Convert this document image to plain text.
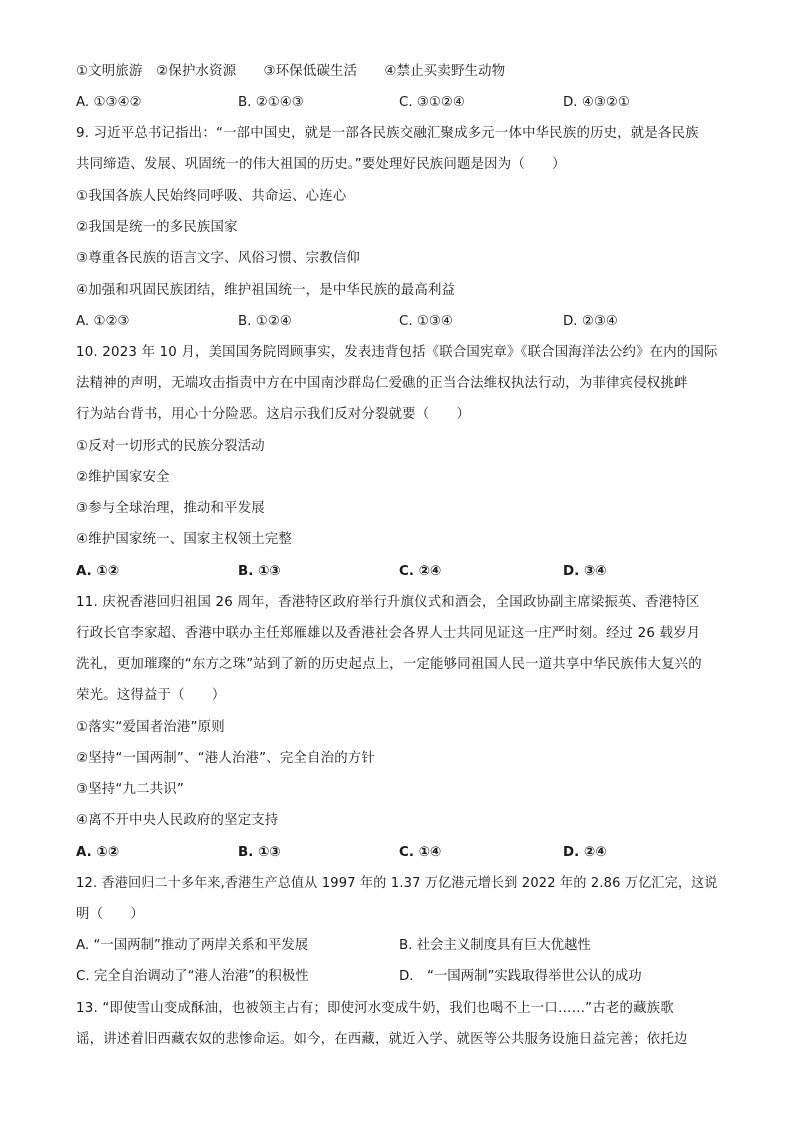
①文明旅游　②保护水资源　　③环保低碳生活　　④禁止买卖野生动物
A. ①③④②	B. ②①④③	C. ③①②④	D. ④③②①
9. 习近平总书记指出：“一部中国史，就是一部各民族交融汇聚成多元一体中华民族的历史，就是各民族
共同缔造、发展、巩固统一的伟大祖国的历史。”要处理好民族问题是因为（　　）
①我国各族人民始终同呼吸、共命运、心连心
②我国是统一的多民族国家
③尊重各民族的语言文字、风俗习惯、宗教信仰
④加强和巩固民族团结，维护祖国统一，是中华民族的最高利益
A. ①②③	B. ①②④	C. ①③④	D. ②③④
10. 2023 年 10 月，美国国务院罔顾事实，发表违背包括《联合国宪章》《联合国海洋法公约》在内的国际
法精神的声明，无端攻击指责中方在中国南沙群岛仁爱礁的正当合法维权执法行动，为菲律宾侵权挑衅
行为站台背书，用心十分险恶。这启示我们反对分裂就要（　　）
①反对一切形式的民族分裂活动
②维护国家安全
③参与全球治理，推动和平发展
④维护国家统一、国家主权领土完整
A. ①②	B. ①③	C. ②④	D. ③④
11. 庆祝香港回归祖国 26 周年，香港特区政府举行升旗仪式和酒会，全国政协副主席梁振英、香港特区
行政长官李家超、香港中联办主任郑雁雄以及香港社会各界人士共同见证这一庄严时刻。经过 26 载岁月
洗礼，更加璀璨的“东方之珠”站到了新的历史起点上，一定能够同祖国人民一道共享中华民族伟大复兴的
荣光。这得益于（　　）
①落实“爱国者治港”原则
②坚持“一国两制”、“港人治港”、完全自治的方针
③坚持“九二共识”
④离不开中央人民政府的坚定支持
A. ①②	B. ①③	C. ①④	D. ②④
12. 香港回归二十多年来,香港生产总值从 1997 年的 1.37 万亿港元增长到 2022 年的 2.86 万亿汇完，这说
明（　　）
A. “一国两制”推动了两岸关系和平发展	B. 社会主义制度具有巨大优越性
C. 完全自治调动了“港人治港”的积极性	D.　“一国两制”实践取得举世公认的成功
13. “即使雪山变成酥油，也被领主占有；即使河水变成牛奶，我们也喝不上一口……”古老的藏族歌
谣，讲述着旧西藏农奴的悲惨命运。如今，在西藏，就近入学、就医等公共服务设施日益完善；依托边
